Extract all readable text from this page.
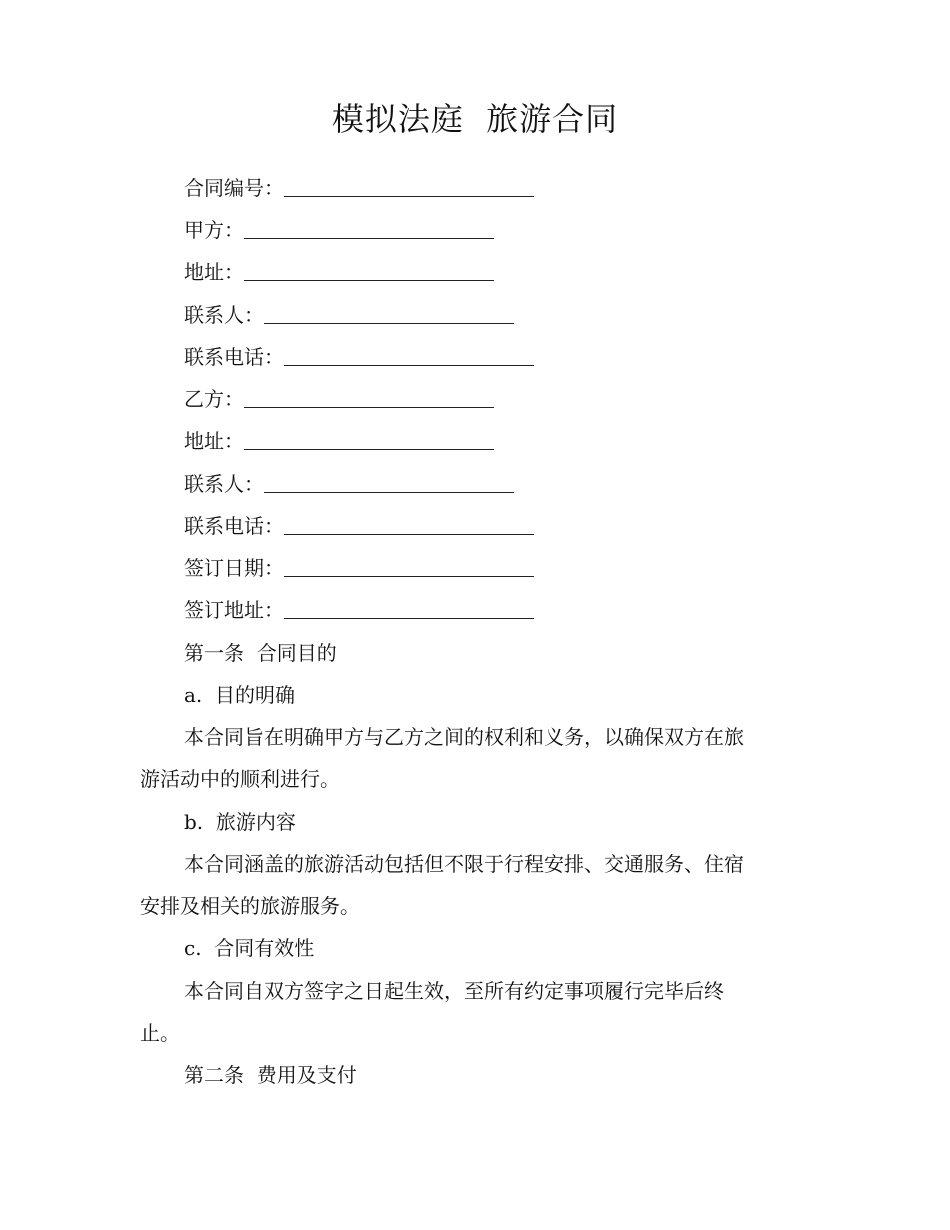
模拟法庭  旅游合同
合同编号：
甲方：
地址：
联系人：
联系电话：
乙方：
地址：
联系人：
联系电话：
签订日期：
签订地址：
第一条  合同目的
a.  目的明确
本合同旨在明确甲方与乙方之间的权利和义务，以确保双方在旅
游活动中的顺利进行。
b.  旅游内容
本合同涵盖的旅游活动包括但不限于行程安排、交通服务、住宿
安排及相关的旅游服务。
c.  合同有效性
本合同自双方签字之日起生效，至所有约定事项履行完毕后终
止。
第二条  费用及支付
